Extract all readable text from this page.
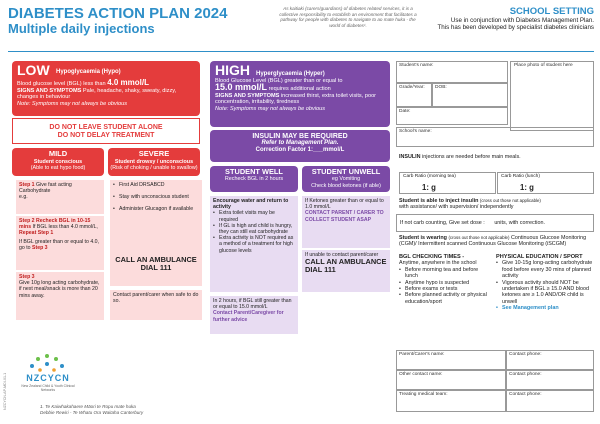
DIABETES ACTION PLAN 2024
Multiple daily injections
As kaitiaki (carers/guardians) of diabetes related services, it is a collective responsibility to establish an environment that facilitates a pathway for people with diabetes to navigate to ao mate huka - the world of diabetes¹.
SCHOOL SETTING
Use in conjunction with Diabetes Management Plan.
This has been developed by specialist diabetes clinicians
LOW	Hypoglycaemia (Hypo)
Blood glucose level (BGL) less than 4.0 mmol/L
SIGNS AND SYMPTOMS Pale, headache, shaky, sweaty, dizzy, changes in behaviour
Note: Symptoms may not always be obvious
DO NOT LEAVE STUDENT ALONE
DO NOT DELAY TREATMENT
MILD
Student conscious
(Able to eat hypo food)
SEVERE
Student drowsy / unconscious
(Risk of choking / unable to swallow)
Step 1 Give fast acting Carbohydrate
e.g.
Step 2 Recheck BGL in 10-15 mins If BGL less than 4.0 mmol/L, Repeat Step 1
If BGL greater than or equal to 4.0, go to Step 3
Step 3
Give 10g long acting carbohydrate, if next meal/snack is more than 20 mins away.
• First Aid DRSABCD
• Stay with unconscious student
• Administer Glucagon if available
CALL AN AMBULANCE DIAL 111
Contact parent/carer when safe to do so.
HIGH Hyperglycaemia (Hyper)
Blood Glucose Level (BGL) greater than or equal to
15.0 mmol/L requires additional action
SIGNS AND SYMPTOMS increased thirst, extra toilet visits, poor concentration, irritability, tiredness
Note: Symptoms may not always be obvious
INSULIN MAY BE REQUIRED
Refer to Management Plan.
Correction Factor 1:___mmol/L
STUDENT WELL
Recheck BGL in 2 hours
STUDENT UNWELL
eg Vomiting
Check blood ketones (if able)
Encourage water and return to activity
• Extra toilet visits may be required
• If GL is high and child is hungry, they can still eat carbohydrate
• Extra activity is NOT required as a method of a treatment for high glucose levels
In 2 hours, if BGL still greater than or equal to 15.0 mmol/L
Contact Parent/Caregiver for further advice
If Ketones greater than or equal to 1.0 mmol/L
CONTACT PARENT / CARER TO COLLECT STUDENT ASAP
If unable to contact parent/carer
CALL AN AMBULANCE DIAL 111
Student's name:
Grade/Year: DOB:
Date:
Place photo of student here
School's name:
INSULIN injections are needed before main meals.
Carb Ratio (morning tea)
1: g
Carb Ratio (lunch)
1: g
Student is able to inject insulin (cross out those not applicable)
with assistance/ with supervision/ independently
If not carb counting, Give set dose : units, with correction.
Student is wearing (cross out those not applicable) Continuous Glucose Monitoring (CGM)/ Intermittent scanned Continuous Glucose Monitoring (iSCGM)
BGL CHECKING TIMES -
Anytime, anywhere in the school
• Before morning tea and before lunch
• Anytime hypo is suspected
• Before exams or tests
• Before planned activity or physical education/sport
PHYSICAL EDUCATION / SPORT
• Give 10-15g long-acting carbohydrate food before every 30 mins of planned activity
• Vigorous activity should NOT be undertaken if BGL ≥ 15.0 AND blood ketones are ≥ 1.0 AND/OR child is unwell
• See Management plan
Parent/Carer's name:	Contact phone:
Other contact name:	Contact phone:
Treating medical team:	Contact phone:
NZCYCN
New Zealand Child & Youth Clinical Networks
1. Te Kaiwhakahaere Māori te Ropu mate huka
Debbie Rewiri - Te Whatu Ora Waitaha Canterbury
NZCYCN-AP-MDI-01-1
